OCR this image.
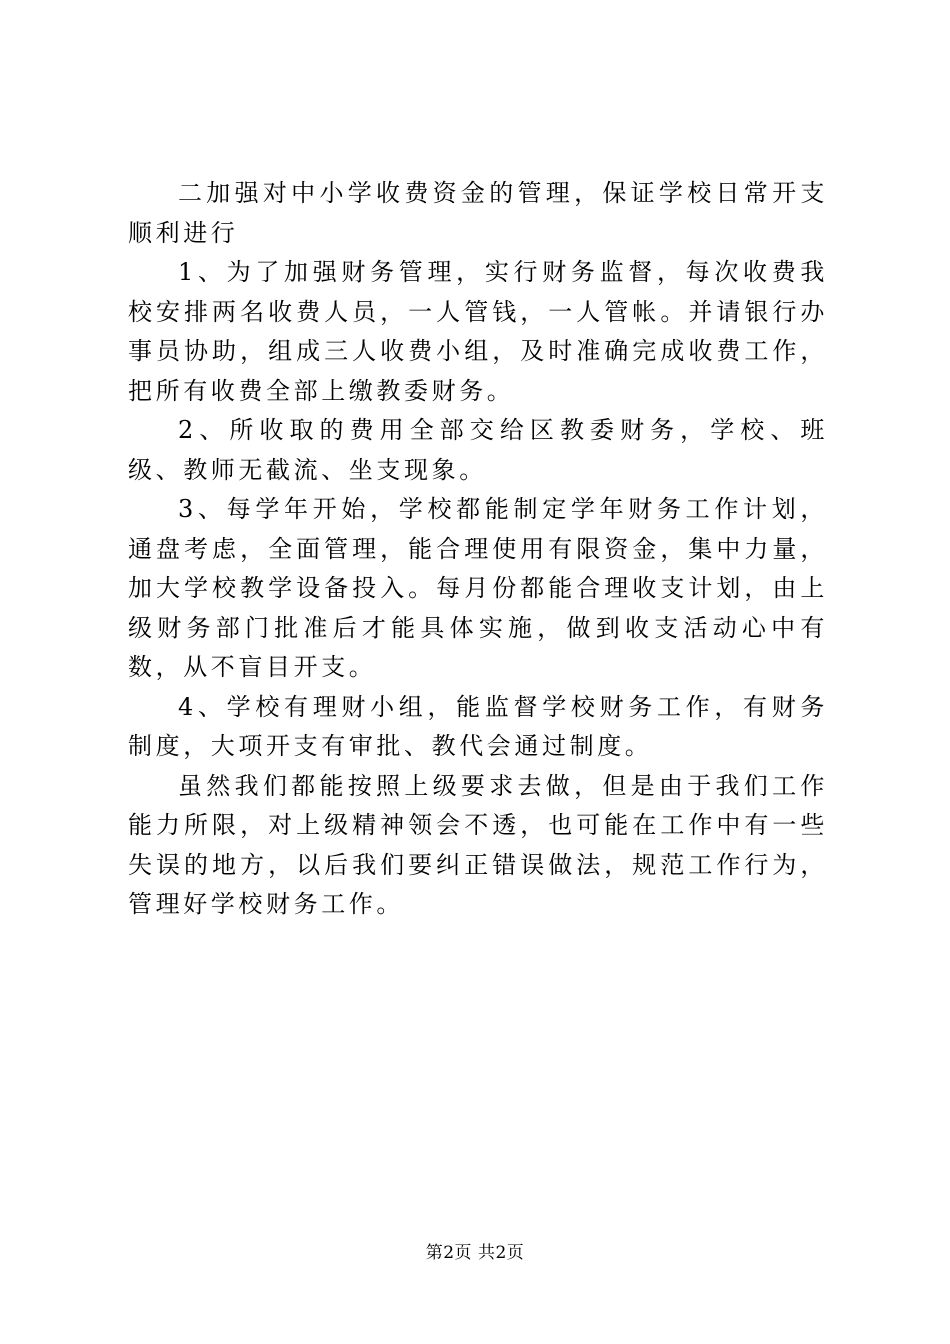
二加强对中小学收费资金的管理，保证学校日常开支顺利进行

1、为了加强财务管理，实行财务监督，每次收费我校安排两名收费人员，一人管钱，一人管帐。并请银行办事员协助，组成三人收费小组，及时准确完成收费工作，把所有收费全部上缴教委财务。

2、所收取的费用全部交给区教委财务，学校、班级、教师无截流、坐支现象。

3、每学年开始，学校都能制定学年财务工作计划，通盘考虑，全面管理，能合理使用有限资金，集中力量，加大学校教学设备投入。每月份都能合理收支计划，由上级财务部门批准后才能具体实施，做到收支活动心中有数，从不盲目开支。

4、学校有理财小组，能监督学校财务工作，有财务制度，大项开支有审批、教代会通过制度。

虽然我们都能按照上级要求去做，但是由于我们工作能力所限，对上级精神领会不透，也可能在工作中有一些失误的地方，以后我们要纠正错误做法，规范工作行为，管理好学校财务工作。

第2页 共2页
